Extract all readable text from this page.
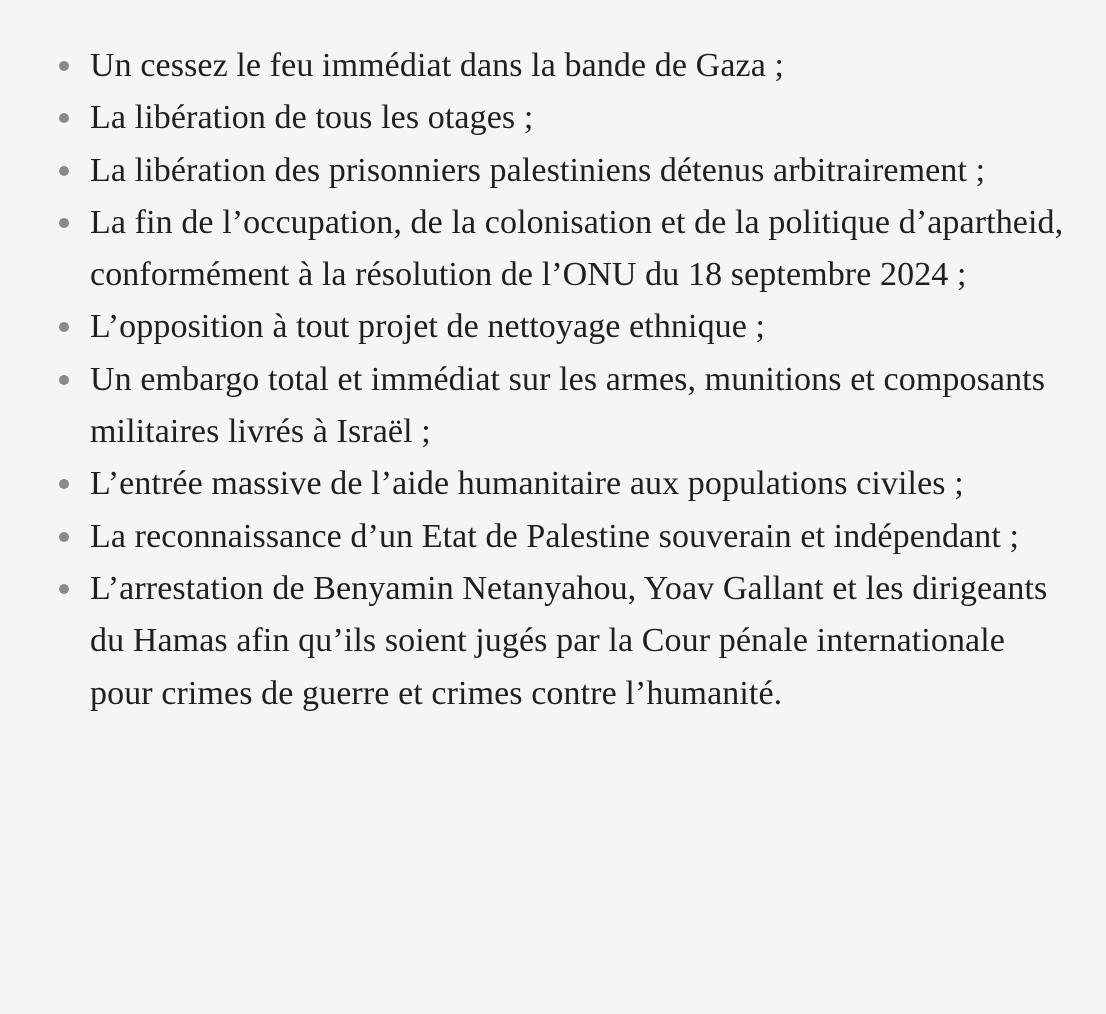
Un cessez le feu immédiat dans la bande de Gaza ;
La libération de tous les otages ;
La libération des prisonniers palestiniens détenus arbitrairement ;
La fin de l’occupation, de la colonisation et de la politique d’apartheid, conformément à la résolution de l’ONU du 18 septembre 2024 ;
L’opposition à tout projet de nettoyage ethnique ;
Un embargo total et immédiat sur les armes, munitions et composants militaires livrés à Israël ;
L’entrée massive de l’aide humanitaire aux populations civiles ;
La reconnaissance d’un Etat de Palestine souverain et indépendant ;
L’arrestation de Benyamin Netanyahou, Yoav Gallant et les dirigeants du Hamas afin qu’ils soient jugés par la Cour pénale internationale pour crimes de guerre et crimes contre l’humanité.
